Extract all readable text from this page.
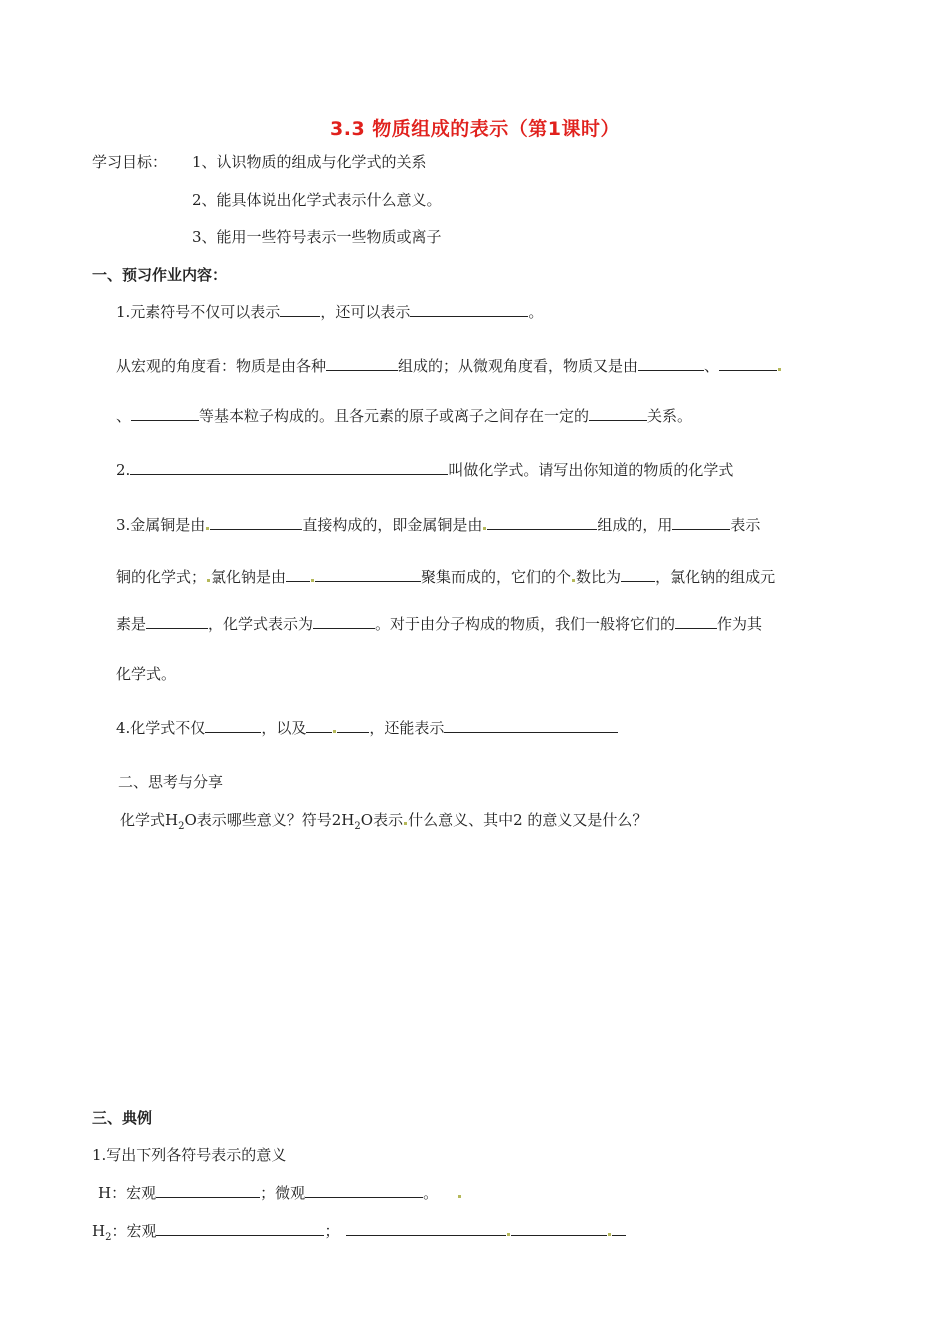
3.3 物质组成的表示（第1课时）
学习目标： 1、认识物质的组成与化学式的关系
2、能具体说出化学式表示什么意义。
3、能用一些符号表示一些物质或离子
一、预习作业内容：
1.元素符号不仅可以表示	，还可以表示	。
从宏观的角度看：物质是由各种	组成的；从微观角度看，物质又是由	、
、	等基本粒子构成的。且各元素的原子或离子之间存在一定的	关系。
2.	叫做化学式。请写出你知道的物质的化学式
3.金属铜是由	直接构成的，即金属铜是由	组成的，用	表示
铜的化学式； 氯化钠是由	聚集而成的，它们的个 数比为 ，氯化钠的组成元
素是	，化学式表示为	。对于由分子构成的物质，我们一般将它们的	作为其
化学式。
4.化学式不仅	，以及	，还能表示
二、思考与分享
化学式$H_2O$表示哪些意义？符号$2H_2O$表示 什么意义、其中2 的意义又是什么？
三、典例
1.写出下列各符号表示的意义
H：宏观	；微观	。
$H_2$：宏观	；
